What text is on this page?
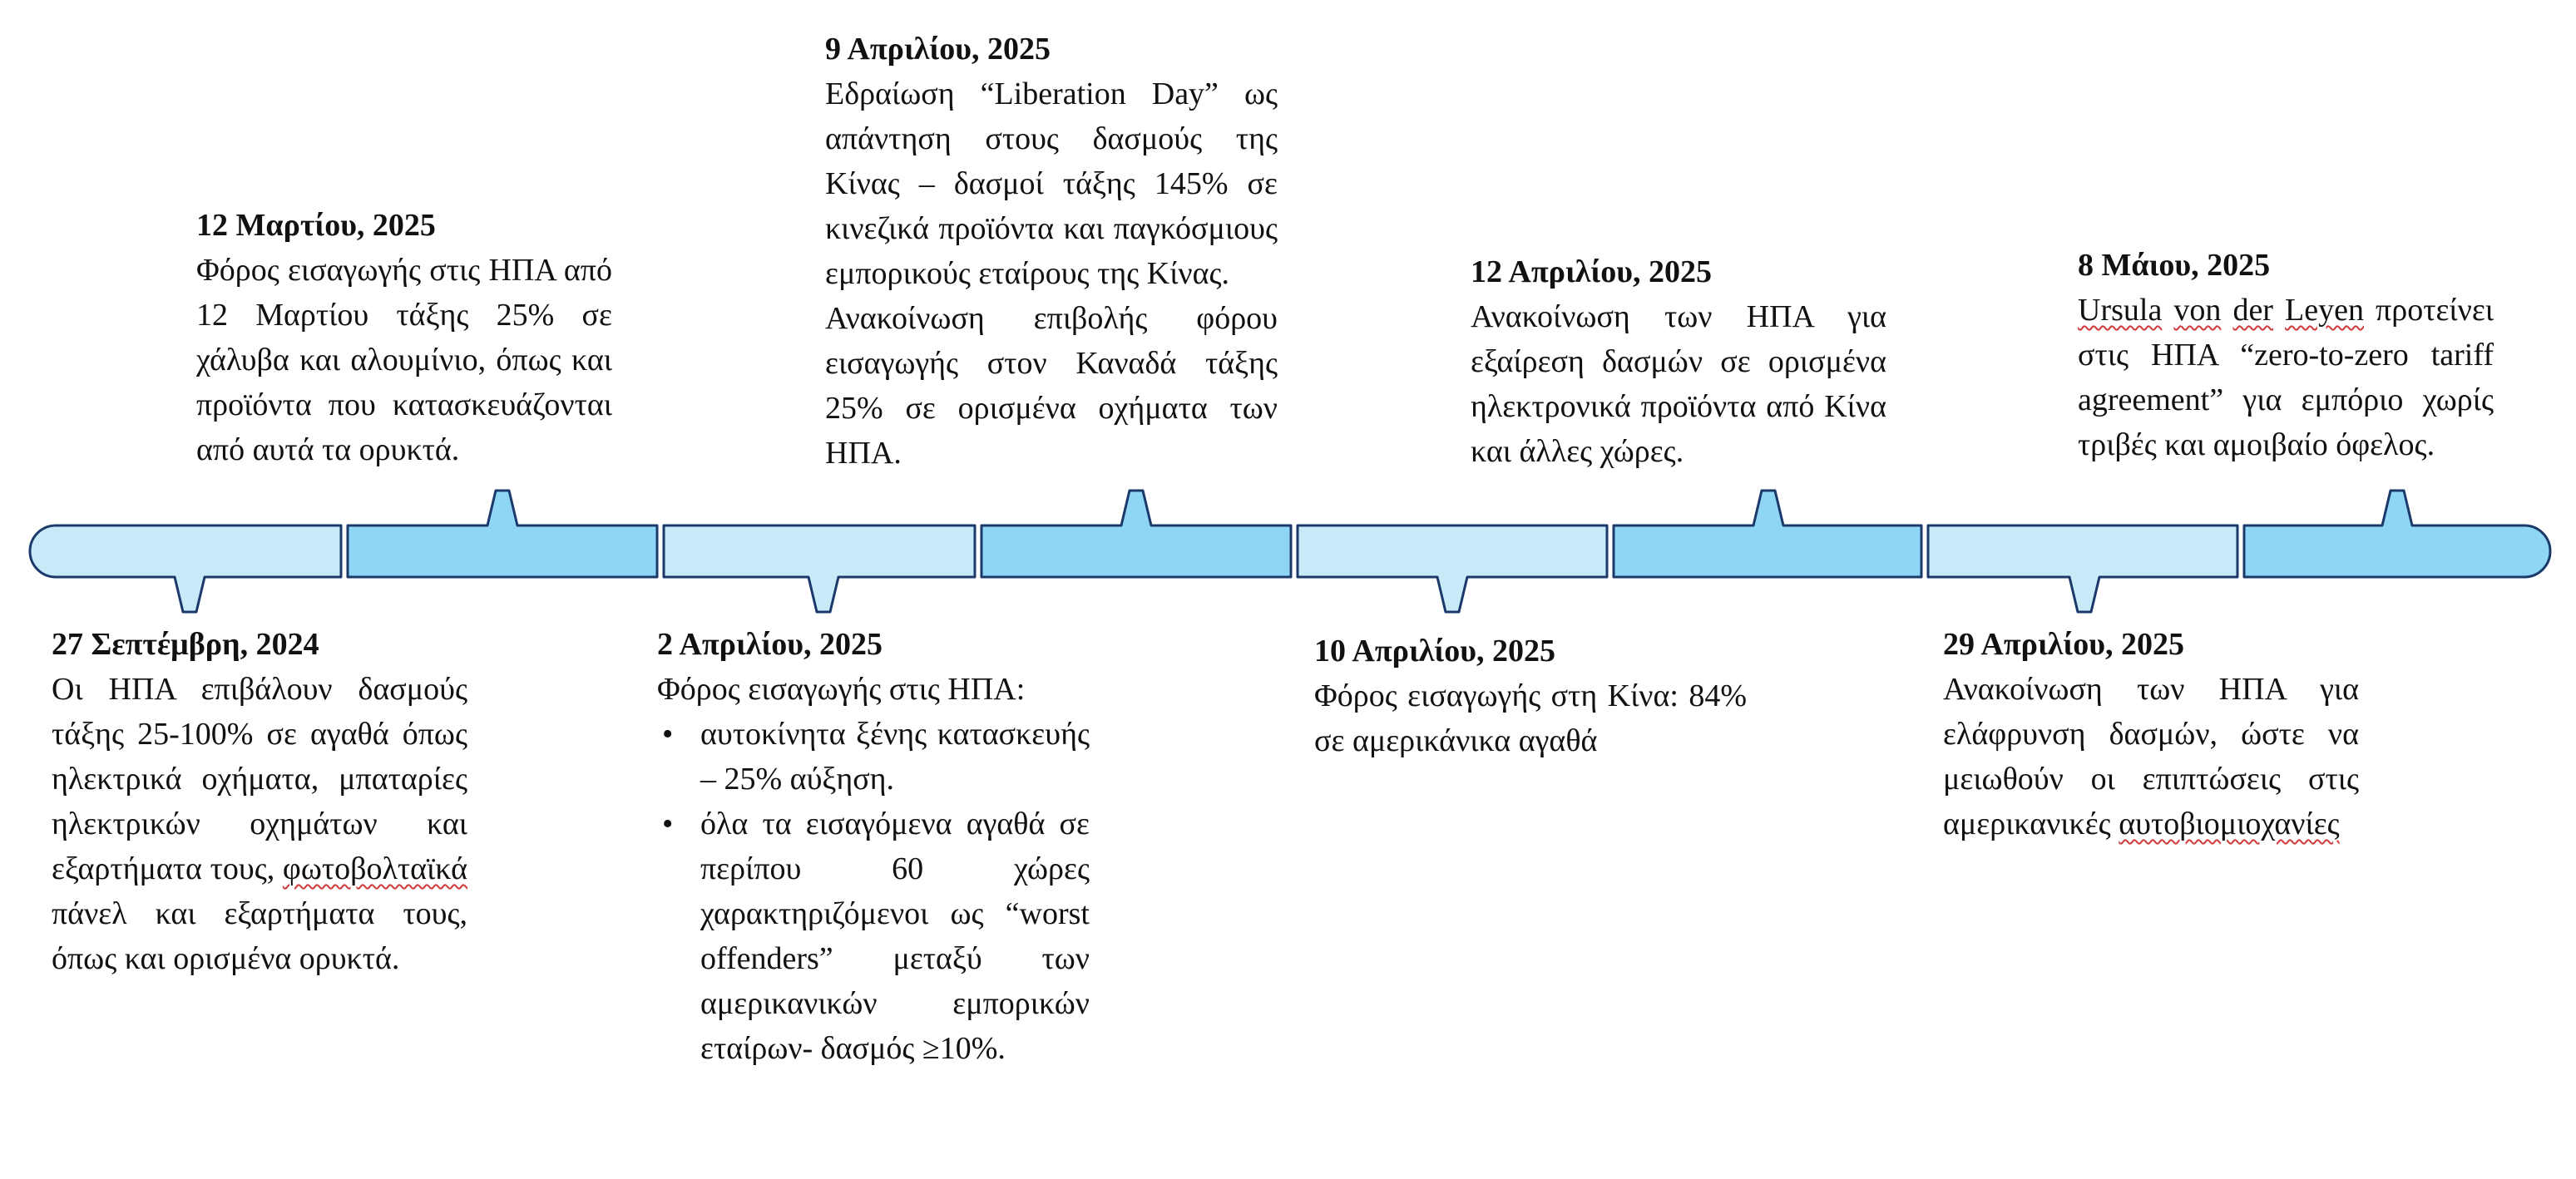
27 Σεπτέμβρη, 2024

Οι ΗΠΑ επιβάλουν δασμούς τάξης 25-100% σε αγαθά όπως ηλεκτρικά οχήματα, μπαταρίες ηλεκτρικών οχημάτων και εξαρτήματα τους, φωτοβολταϊκά πάνελ και εξαρτήματα τους, όπως και ορισμένα ορυκτά.

12 Μαρτίου, 2025

Φόρος εισαγωγής στις ΗΠΑ από 12 Μαρτίου τάξης 25% σε χάλυβα και αλουμίνιο, όπως και προϊόντα που κατασκευάζονται από αυτά τα ορυκτά.

2 Απριλίου, 2025

Φόρος εισαγωγής στις ΗΠΑ:

• αυτοκίνητα ξένης κατασκευής – 25% αύξηση.
• όλα τα εισαγόμενα αγαθά σε περίπου 60 χώρες χαρακτηριζόμενοι ως “worst offenders” μεταξύ των αμερικανικών εμπορικών εταίρων- δασμός ≥10%.
9 Απριλίου, 2025

Εδραίωση “Liberation Day” ως απάντηση στους δασμούς της Κίνας – δασμοί τάξης 145% σε κινεζικά προϊόντα και παγκόσμιους εμπορικούς εταίρους της Κίνας.

Ανακοίνωση επιβολής φόρου εισαγωγής στον Καναδά τάξης 25% σε ορισμένα οχήματα των ΗΠΑ.

10 Απριλίου, 2025

Φόρος εισαγωγής στη Κίνα: 84% σε αμερικάνικα αγαθά

12 Απριλίου, 2025

Ανακοίνωση των ΗΠΑ για εξαίρεση δασμών σε ορισμένα ηλεκτρονικά προϊόντα από Κίνα και άλλες χώρες.

29 Απριλίου, 2025

Ανακοίνωση των ΗΠΑ για ελάφρυνση δασμών, ώστε να μειωθούν οι επιπτώσεις στις αμερικανικές αυτοβιομιοχανίες

8 Μάιου, 2025

Ursula von der Leyen προτείνει στις ΗΠΑ “zero-to-zero tariff agreement” για εμπόριο χωρίς τριβές και αμοιβαίο όφελος.
